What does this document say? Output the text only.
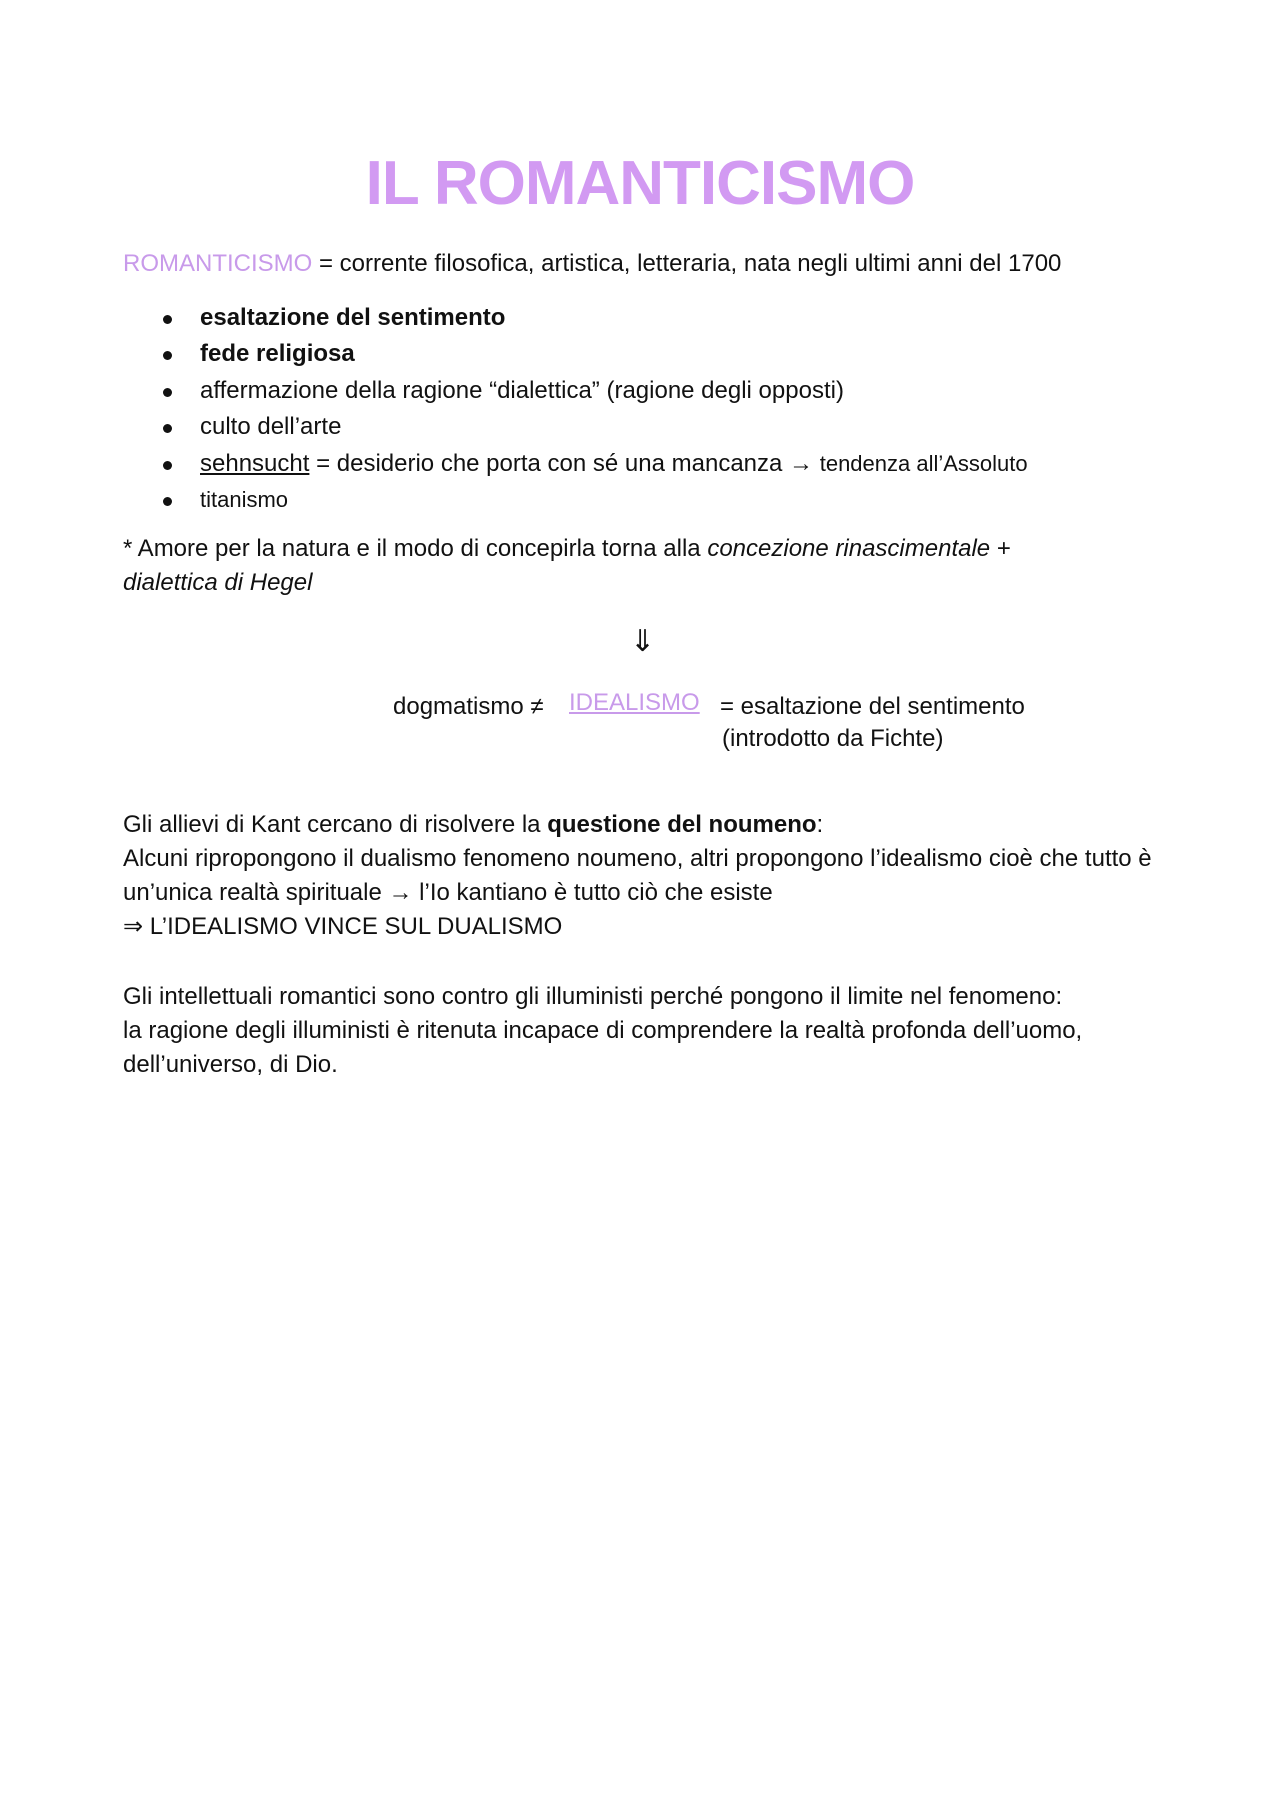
IL ROMANTICISMO
ROMANTICISMO = corrente filosofica, artistica, letteraria, nata negli ultimi anni del 1700
esaltazione del sentimento
fede religiosa
affermazione della ragione “dialettica” (ragione degli opposti)
culto dell’arte
sehnsucht = desiderio che porta con sé una mancanza → tendenza all’Assoluto
titanismo
* Amore per la natura e il modo di concepirla torna alla concezione rinascimentale +
dialettica di Hegel
⇓
dogmatismo ≠ IDEALISMO = esaltazione del sentimento
(introdotto da Fichte)
Gli allievi di Kant cercano di risolvere la questione del noumeno:
Alcuni ripropongono il dualismo fenomeno noumeno, altri propongono l’idealismo cioè che tutto è un’unica realtà spirituale → l’Io kantiano è tutto ciò che esiste
⇒ L’IDEALISMO VINCE SUL DUALISMO
Gli intellettuali romantici sono contro gli illuministi perché pongono il limite nel fenomeno:
la ragione degli illuministi è ritenuta incapace di comprendere la realtà profonda dell’uomo, dell’universo, di Dio.
